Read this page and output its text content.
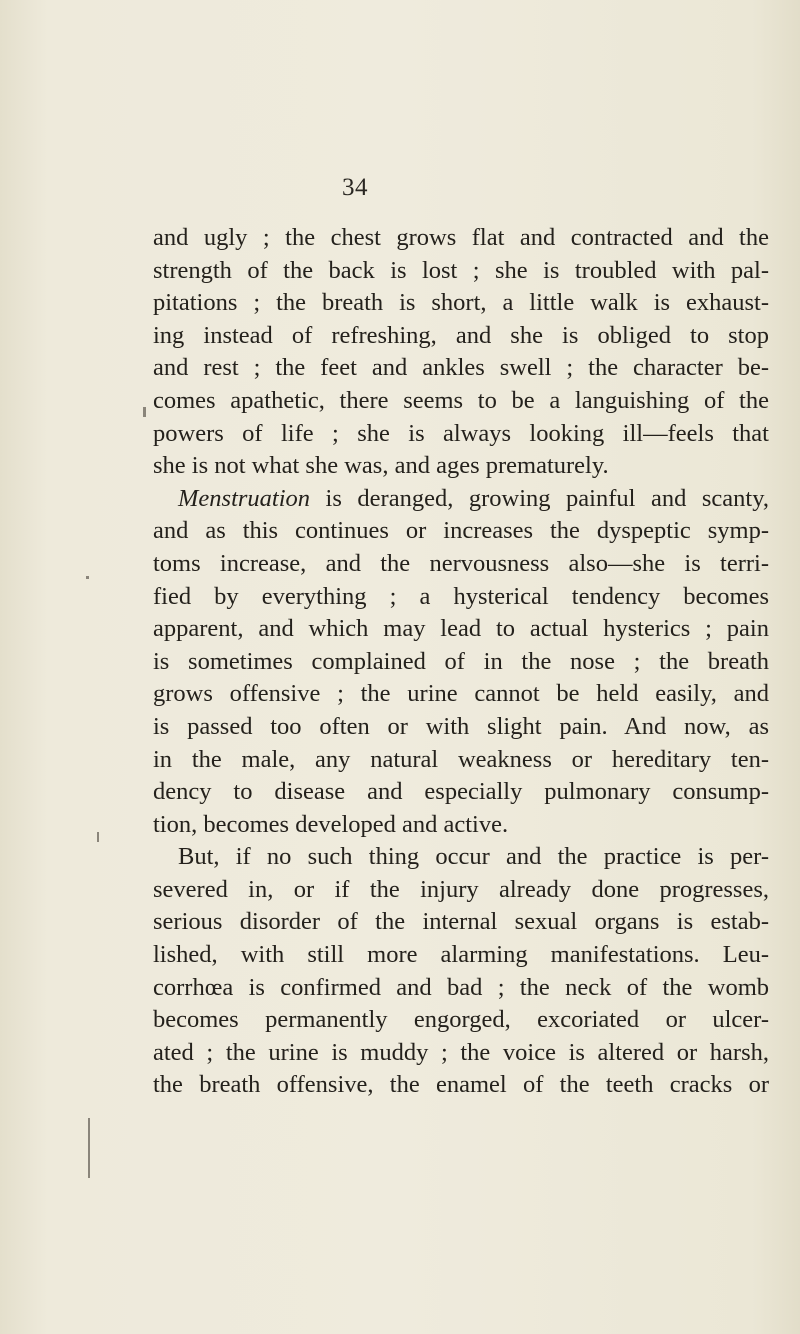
34
and ugly ; the chest grows flat and contracted and the
strength of the back is lost ; she is troubled with pal-
pitations ; the breath is short, a little walk is exhaust-
ing instead of refreshing, and she is obliged to stop
and rest ; the feet and ankles swell ; the character be-
comes apathetic, there seems to be a languishing of the
powers of life ; she is always looking ill—feels that
she is not what she was, and ages prematurely.
Menstruation is deranged, growing painful and scanty,
and as this continues or increases the dyspeptic symp-
toms increase, and the nervousness also—she is terri-
fied by everything ; a hysterical tendency becomes
apparent, and which may lead to actual hysterics ; pain
is sometimes complained of in the nose ; the breath
grows offensive ; the urine cannot be held easily, and
is passed too often or with slight pain. And now, as
in the male, any natural weakness or hereditary ten-
dency to disease and especially pulmonary consump-
tion, becomes developed and active.
But, if no such thing occur and the practice is per-
severed in, or if the injury already done progresses,
serious disorder of the internal sexual organs is estab-
lished, with still more alarming manifestations. Leu-
corrhœa is confirmed and bad ; the neck of the womb
becomes permanently engorged, excoriated or ulcer-
ated ; the urine is muddy ; the voice is altered or harsh,
the breath offensive, the enamel of the teeth cracks or
